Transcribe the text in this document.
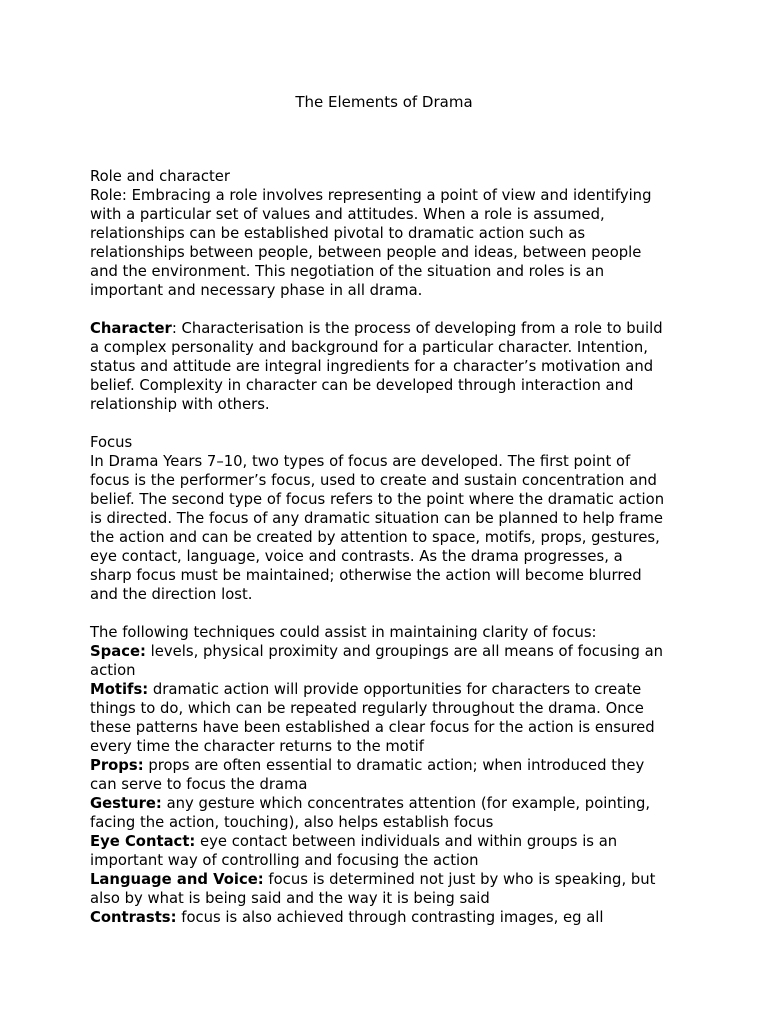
The Elements of Drama

Role and character

Role: Embracing a role involves representing a point of view and identifying

with a particular set of values and attitudes. When a role is assumed,

relationships can be established pivotal to dramatic action such as

relationships between people, between people and ideas, between people

and the environment. This negotiation of the situation and roles is an

important and necessary phase in all drama.

Character: Characterisation is the process of developing from a role to build

a complex personality and background for a particular character. Intention,

status and attitude are integral ingredients for a character’s motivation and

belief. Complexity in character can be developed through interaction and

relationship with others.

Focus

In Drama Years 7–10, two types of focus are developed. The first point of

focus is the performer’s focus, used to create and sustain concentration and

belief. The second type of focus refers to the point where the dramatic action

is directed. The focus of any dramatic situation can be planned to help frame

the action and can be created by attention to space, motifs, props, gestures,

eye contact, language, voice and contrasts. As the drama progresses, a

sharp focus must be maintained; otherwise the action will become blurred

and the direction lost.

The following techniques could assist in maintaining clarity of focus:

Space: levels, physical proximity and groupings are all means of focusing an

action

Motifs: dramatic action will provide opportunities for characters to create

things to do, which can be repeated regularly throughout the drama. Once

these patterns have been established a clear focus for the action is ensured

every time the character returns to the motif

Props: props are often essential to dramatic action; when introduced they

can serve to focus the drama

Gesture: any gesture which concentrates attention (for example, pointing,

facing the action, touching), also helps establish focus

Eye Contact: eye contact between individuals and within groups is an

important way of controlling and focusing the action

Language and Voice: focus is determined not just by who is speaking, but

also by what is being said and the way it is being said

Contrasts: focus is also achieved through contrasting images, eg all
